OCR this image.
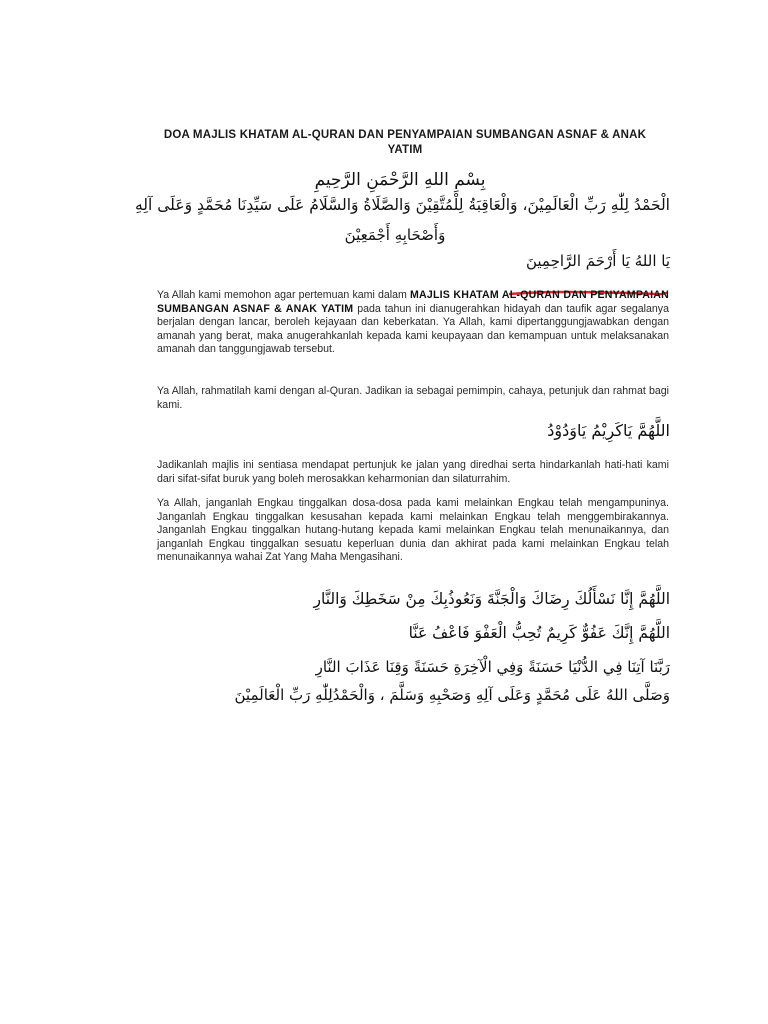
DOA MAJLIS KHATAM AL-QURAN DAN PENYAMPAIAN SUMBANGAN ASNAF & ANAK YATIM
بِسْمِ اللهِ الرَّحْمَنِ الرَّحِيمِ
الْحَمْدُ لِلّٰهِ رَبِّ الْعَالَمِيْنَ، وَالْعَاقِبَةُ لِلْمُتَّقِيْنَ وَالصَّلَاةُ وَالسَّلَامُ عَلَى سَيِّدِنَا مُحَمَّدٍ وَعَلَى آلِهِ
وَأَصْحَابِهِ أَجْمَعِيْنَ
يَا اللهُ يَا أَرْحَمَ الرَّاحِمِينَ
Ya Allah kami memohon agar pertemuan kami dalam MAJLIS KHATAM AL-QURAN DAN PENYAMPAIAN SUMBANGAN ASNAF & ANAK YATIM pada tahun ini dianugerahkan hidayah dan taufik agar segalanya berjalan dengan lancar, beroleh kejayaan dan keberkatan. Ya Allah, kami dipertanggungjawabkan dengan amanah yang berat, maka anugerahkanlah kepada kami keupayaan dan kemampuan untuk melaksanakan amanah dan tanggungjawab tersebut.
Ya Allah, rahmatilah kami dengan al-Quran. Jadikan ia sebagai pemimpin, cahaya, petunjuk dan rahmat bagi kami.
اللَّهُمَّ يَاكَرِيْمُ يَاوَدُوْدُ
Jadikanlah majlis ini sentiasa mendapat pertunjuk ke jalan yang diredhai serta hindarkanlah hati-hati kami dari sifat-sifat buruk yang boleh merosakkan keharmonian dan silaturrahim.
Ya Allah, janganlah Engkau tinggalkan dosa-dosa pada kami melainkan Engkau telah mengampuninya. Janganlah Engkau tinggalkan kesusahan kepada kami melainkan Engkau telah menggembirakannya. Janganlah Engkau tinggalkan hutang-hutang kepada kami melainkan Engkau telah menunaikannya, dan janganlah Engkau tinggalkan sesuatu keperluan dunia dan akhirat pada kami melainkan Engkau telah menunaikannya wahai Zat Yang Maha Mengasihani.
اللَّهُمَّ إِنَّا نَسْأَلُكَ رِضَاكَ وَالْجَنَّةَ وَنَعُوذُبِكَ مِنْ سَخَطِكَ وَالنَّارِ
اللَّهُمَّ إِنَّكَ عَفُوٌّ كَرِيمٌ تُحِبُّ الْعَفْوَ فَاعْفُ عَنَّا
رَبَّنَا آتِنَا فِي الدُّنْيَا حَسَنَةً وَفِي الْآخِرَةِ حَسَنَةً وَقِنَا عَذَابَ النَّارِ
وَصَلَّى اللهُ عَلَى مُحَمَّدٍ وَعَلَى آلِهِ وَصَحْبِهِ وَسَلَّمَ ، وَالْحَمْدُلِلّٰهِ رَبِّ الْعَالَمِيْنَ
